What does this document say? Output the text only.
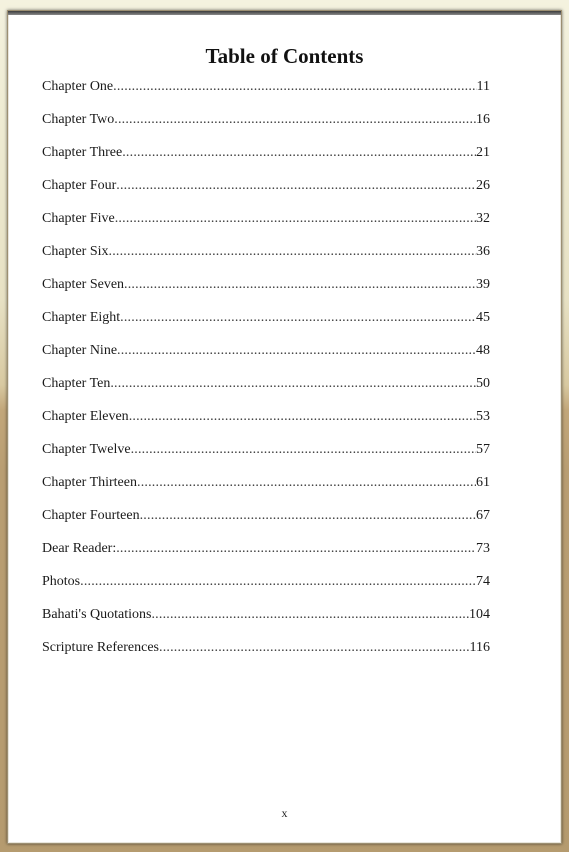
Table of Contents
Chapter One .....	11
Chapter Two .....	16
Chapter Three .....	21
Chapter Four .....	26
Chapter Five .....	32
Chapter Six .....	36
Chapter Seven .....	39
Chapter Eight .....	45
Chapter Nine .....	48
Chapter Ten .....	50
Chapter Eleven .....	53
Chapter Twelve .....	57
Chapter Thirteen .....	61
Chapter Fourteen .....	67
Dear Reader: .....	73
Photos .....	74
Bahati's Quotations .....	104
Scripture References .....	116
x
